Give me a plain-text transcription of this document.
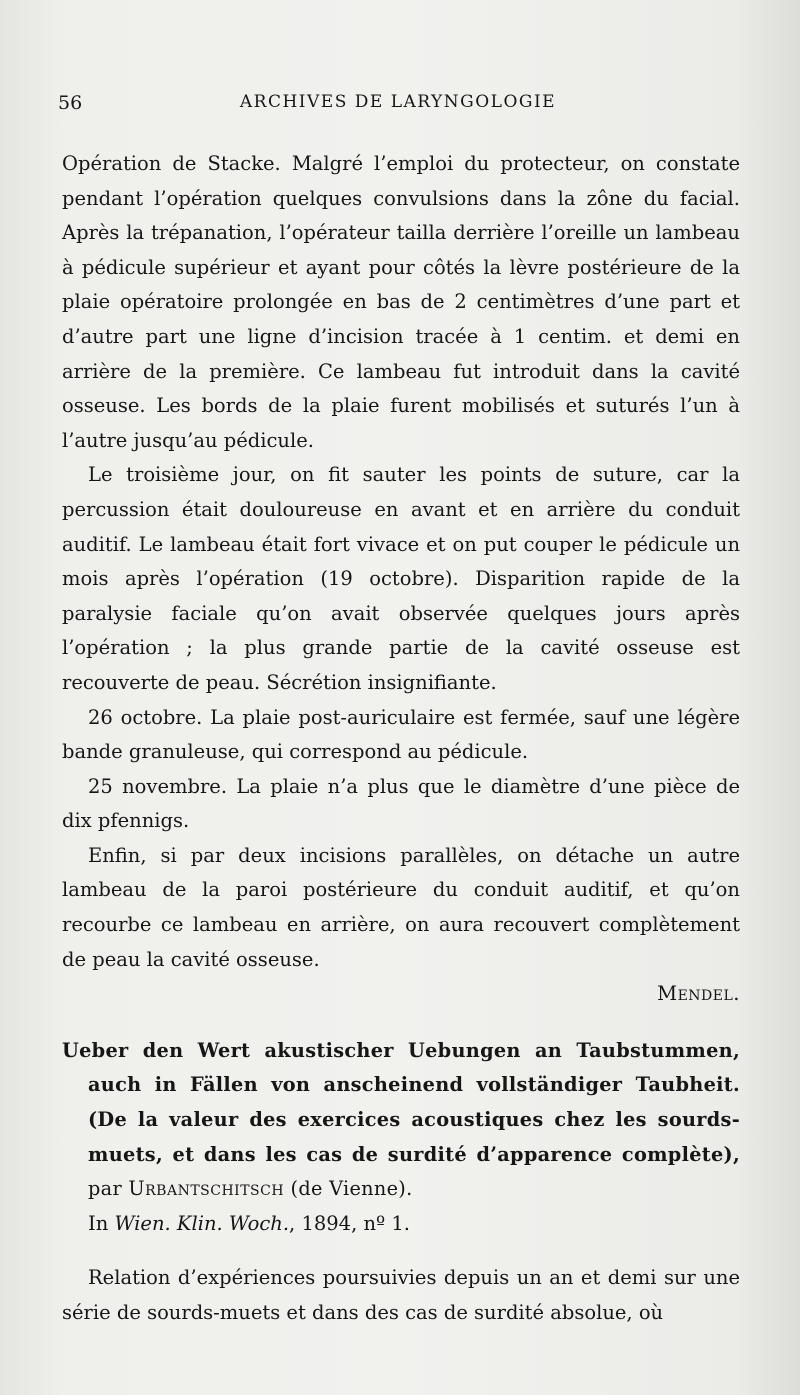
56	ARCHIVES DE LARYNGOLOGIE

Opération de Stacke. Malgré l’emploi du protecteur, on constate pendant l’opération quelques convulsions dans la zône du facial. Après la trépanation, l’opérateur tailla derrière l’oreille un lambeau à pédicule supérieur et ayant pour côtés la lèvre postérieure de la plaie opératoire prolongée en bas de 2 centimètres d’une part et d’autre part une ligne d’incision tracée à 1 centim. et demi en arrière de la première. Ce lambeau fut introduit dans la cavité osseuse. Les bords de la plaie furent mobilisés et suturés l’un à l’autre jusqu’au pédicule.

Le troisième jour, on fit sauter les points de suture, car la percussion était douloureuse en avant et en arrière du conduit auditif. Le lambeau était fort vivace et on put couper le pédicule un mois après l’opération (19 octobre). Disparition rapide de la paralysie faciale qu’on avait observée quelques jours après l’opération ; la plus grande partie de la cavité osseuse est recouverte de peau. Sécrétion insignifiante.

26 octobre. La plaie post-auriculaire est fermée, sauf une légère bande granuleuse, qui correspond au pédicule.

25 novembre. La plaie n’a plus que le diamètre d’une pièce de dix pfennigs.

Enfin, si par deux incisions parallèles, on détache un autre lambeau de la paroi postérieure du conduit auditif, et qu’on recourbe ce lambeau en arrière, on aura recouvert complètement de peau la cavité osseuse.

Mendel.

Ueber den Wert akustischer Uebungen an Taubstummen, auch in Fällen von anscheinend vollständiger Taubheit. (De la valeur des exercices acoustiques chez les sourds-muets, et dans les cas de surdité d’apparence complète), par Urbantschitsch (de Vienne).

In Wien. Klin. Woch., 1894, nº 1.

Relation d’expériences poursuivies depuis un an et demi sur une série de sourds-muets et dans des cas de surdité absolue, où
